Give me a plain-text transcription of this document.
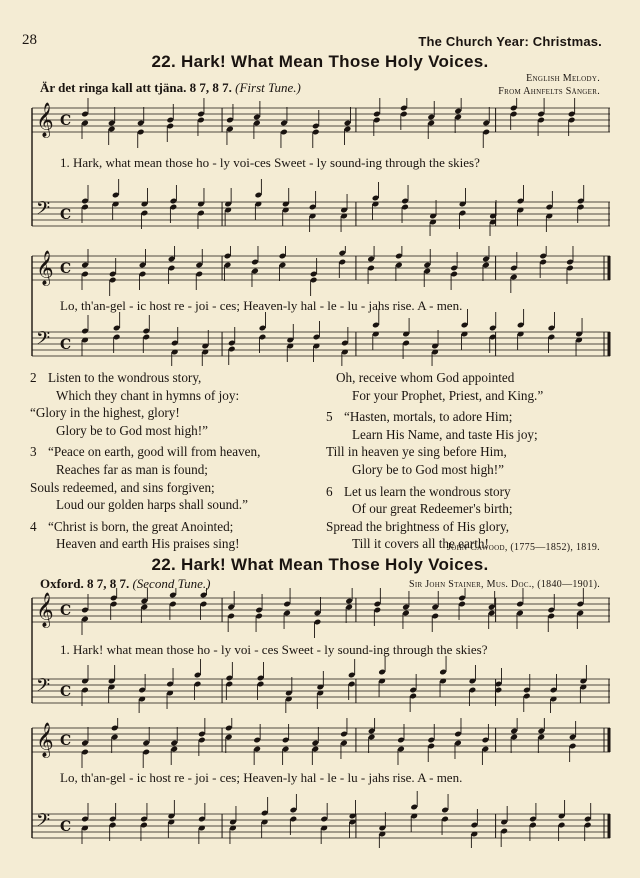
28	The Church Year: Christmas.
22. Hark! What Mean Those Holy Voices.
Är det ringa kall att tjäna. 8 7, 8 7. (First Tune.)
English Melody.
From Ahnfelts Sånger.
𝄞 C
𝄢 C
1. Hark, what mean those ho - ly voi-ces Sweet - ly sound-ing through the skies?
𝄞 C
𝄢 C
Lo, th'an-gel - ic host re - joi - ces; Heaven-ly hal - le - lu - jahs rise. A - men.
2 Listen to the wondrous story,
Which they chant in hymns of joy:
“Glory in the highest, glory!
Glory be to God most high!”
3 “Peace on earth, good will from heaven,
Reaches far as man is found;
Souls redeemed, and sins forgiven;
Loud our golden harps shall sound.”
4 “Christ is born, the great Anointed;
Heaven and earth His praises sing!
Oh, receive whom God appointed
For your Prophet, Priest, and King.”
5 “Hasten, mortals, to adore Him;
Learn His Name, and taste His joy;
Till in heaven ye sing before Him,
Glory be to God most high!”
6 Let us learn the wondrous story
Of our great Redeemer's birth;
Spread the brightness of His glory,
Till it covers all the earth!
John Cawood, (1775—1852), 1819.
22. Hark! What Mean Those Holy Voices.
Oxford. 8 7, 8 7. (Second Tune.)	Sir John Stainer, Mus. Doc., (1840—1901).
𝄞 C
𝄢 C
1. Hark! what mean those ho - ly voi - ces Sweet - ly sound-ing through the skies?
𝄞 C
𝄢 C
Lo, th'an-gel - ic host re - joi - ces; Heaven-ly hal - le - lu - jahs rise. A - men.
